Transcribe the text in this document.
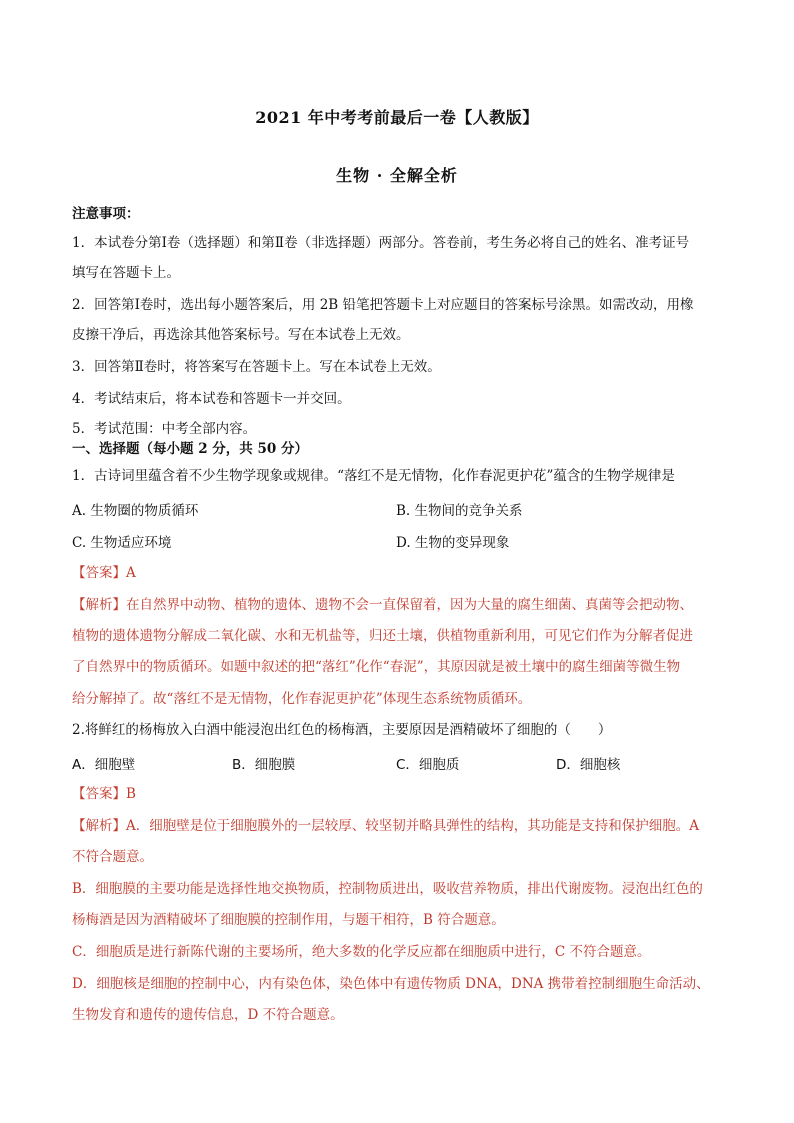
2021 年中考考前最后一卷【人教版】
生物 · 全解全析
注意事项：
1．本试卷分第Ⅰ卷（选择题）和第Ⅱ卷（非选择题）两部分。答卷前，考生务必将自己的姓名、准考证号
填写在答题卡上。
2．回答第Ⅰ卷时，选出每小题答案后，用 2B 铅笔把答题卡上对应题目的答案标号涂黑。如需改动，用橡
皮擦干净后，再选涂其他答案标号。写在本试卷上无效。
3．回答第Ⅱ卷时，将答案写在答题卡上。写在本试卷上无效。
4．考试结束后，将本试卷和答题卡一并交回。
5．考试范围：中考全部内容。
一、选择题（每小题 2 分，共 50 分）
1．古诗词里蕴含着不少生物学现象或规律。“落红不是无情物，化作春泥更护花”蕴含的生物学规律是
A. 生物圈的物质循环	B. 生物间的竞争关系
C. 生物适应环境	D. 生物的变异现象
【答案】A
【解析】在自然界中动物、植物的遗体、遗物不会一直保留着，因为大量的腐生细菌、真菌等会把动物、
植物的遗体遗物分解成二氧化碳、水和无机盐等，归还土壤，供植物重新利用，可见它们作为分解者促进
了自然界中的物质循环。如题中叙述的把“落红”化作“春泥”，其原因就是被土壤中的腐生细菌等微生物
给分解掉了。故“落红不是无情物，化作春泥更护花”体现生态系统物质循环。
2.将鲜红的杨梅放入白酒中能浸泡出红色的杨梅酒，主要原因是酒精破坏了细胞的（　　）
A．细胞壁	B．细胞膜	C．细胞质	D．细胞核
【答案】B
【解析】A．细胞壁是位于细胞膜外的一层较厚、较坚韧并略具弹性的结构，其功能是支持和保护细胞。A
不符合题意。
B．细胞膜的主要功能是选择性地交换物质，控制物质进出，吸收营养物质，排出代谢废物。浸泡出红色的
杨梅酒是因为酒精破坏了细胞膜的控制作用，与题干相符，B 符合题意。
C．细胞质是进行新陈代谢的主要场所，绝大多数的化学反应都在细胞质中进行，C 不符合题意。
D．细胞核是细胞的控制中心，内有染色体，染色体中有遗传物质 DNA，DNA 携带着控制细胞生命活动、
生物发育和遗传的遗传信息，D 不符合题意。
